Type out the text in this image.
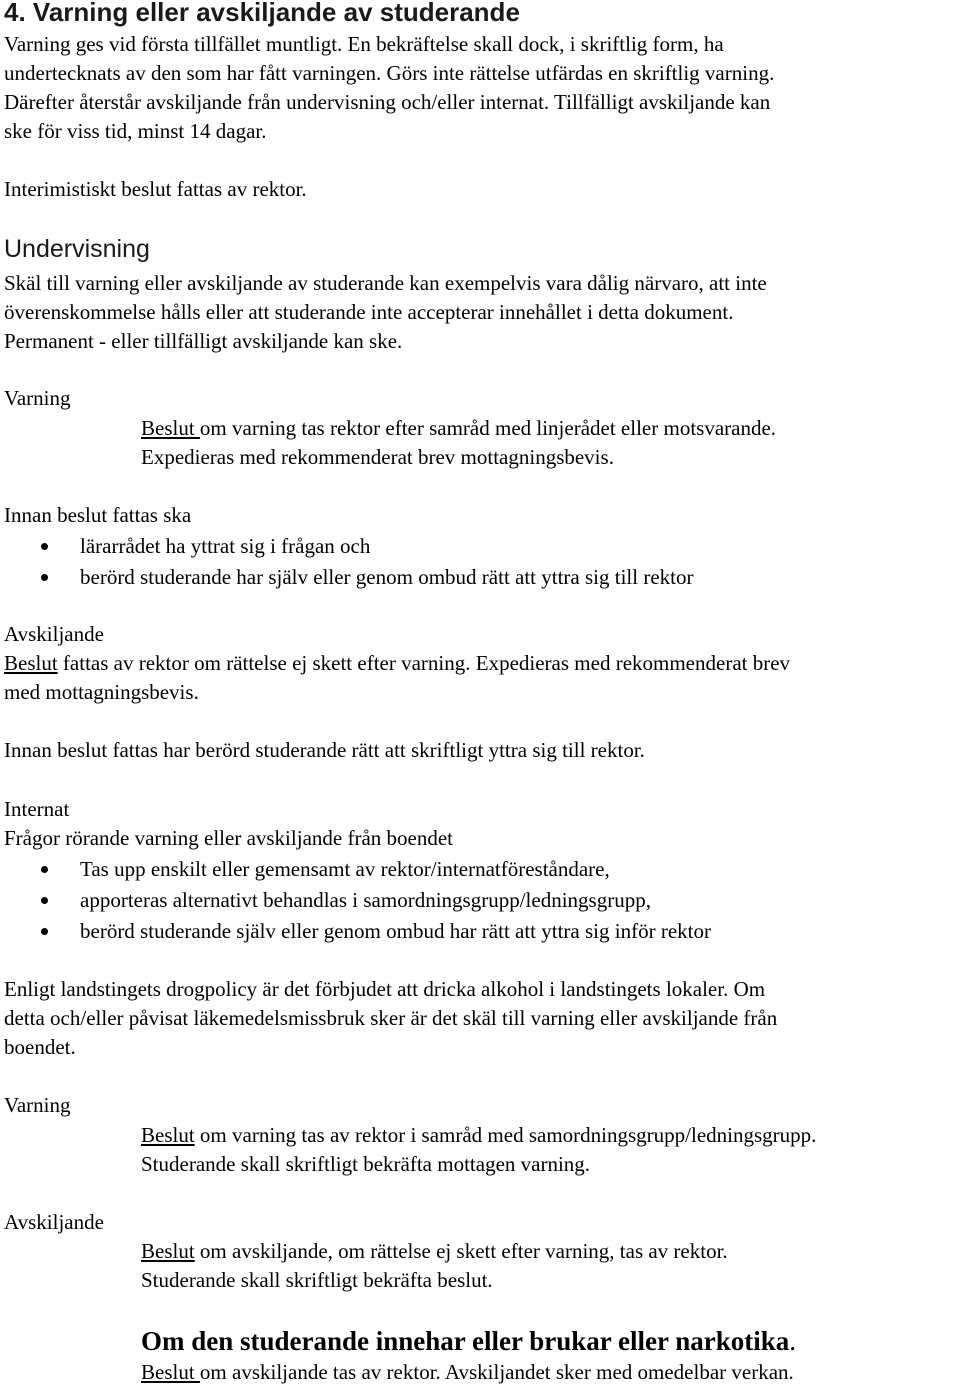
4. Varning eller avskiljande av studerande
Varning ges vid första tillfället muntligt. En bekräftelse skall dock, i skriftlig form, ha
undertecknats av den som har fått varningen. Görs inte rättelse utfärdas en skriftlig varning.
Därefter återstår avskiljande från undervisning och/eller internat. Tillfälligt avskiljande kan
ske för viss tid, minst 14 dagar.
Interimistiskt beslut fattas av rektor.
Undervisning
Skäl till varning eller avskiljande av studerande kan exempelvis vara dålig närvaro, att inte
överenskommelse hålls eller att studerande inte accepterar innehållet i detta dokument.
Permanent - eller tillfälligt avskiljande kan ske.
Varning
Beslut om varning tas rektor efter samråd med linjerådet eller motsvarande.
Expedieras med rekommenderat brev mottagningsbevis.
Innan beslut fattas ska
lärarrådet ha yttrat sig i frågan och
berörd studerande har själv eller genom ombud rätt att yttra sig till rektor
Avskiljande
Beslut fattas av rektor om rättelse ej skett efter varning. Expedieras med rekommenderat brev
med mottagningsbevis.
Innan beslut fattas har berörd studerande rätt att skriftligt yttra sig till rektor.
Internat
Frågor rörande varning eller avskiljande från boendet
Tas upp enskilt eller gemensamt av rektor/internatföreståndare,
apporteras alternativt behandlas i samordningsgrupp/ledningsgrupp,
berörd studerande själv eller genom ombud har rätt att yttra sig inför rektor
Enligt landstingets drogpolicy är det förbjudet att dricka alkohol i landstingets lokaler. Om
detta och/eller påvisat läkemedelsmissbruk sker är det skäl till varning eller avskiljande från
boendet.
Varning
Beslut om varning tas av rektor i samråd med samordningsgrupp/ledningsgrupp.
Studerande skall skriftligt bekräfta mottagen varning.
Avskiljande
Beslut om avskiljande, om rättelse ej skett efter varning, tas av rektor.
Studerande skall skriftligt bekräfta beslut.
Om den studerande innehar eller brukar eller narkotika.
Beslut om avskiljande tas av rektor. Avskiljandet sker med omedelbar verkan.
